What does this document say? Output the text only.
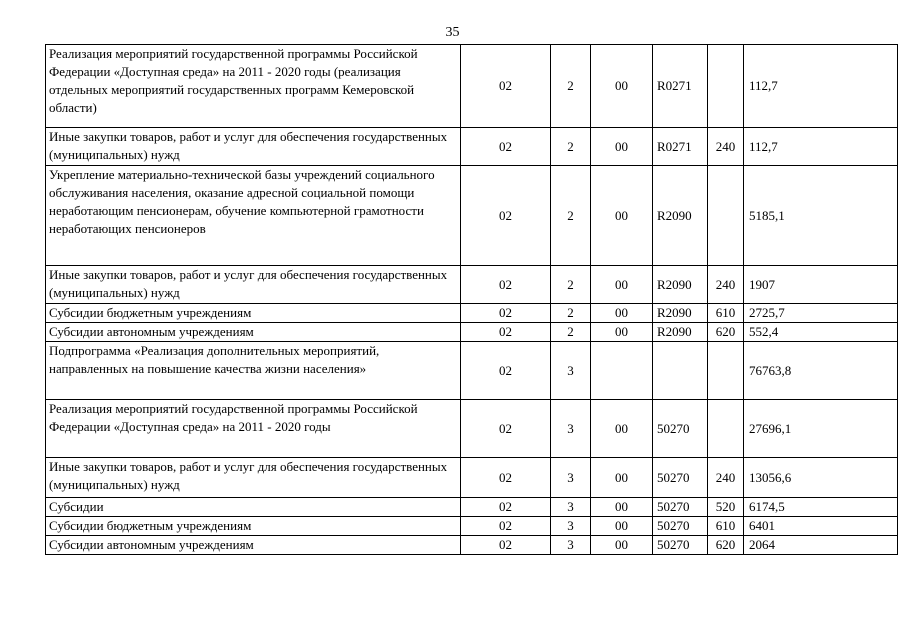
35
Реализация мероприятий государственной программы Российской Федерации «Доступная среда» на 2011 - 2020 годы (реализация отдельных мероприятий государственных программ Кемеровской области)	02	2	00	R0271		112,7
Иные закупки товаров, работ и услуг для обеспечения государственных (муниципальных) нужд	02	2	00	R0271	240	112,7
Укрепление материально-технической базы учреждений социального обслуживания населения, оказание адресной социальной помощи неработающим пенсионерам, обучение компьютерной грамотности неработающих пенсионеров	02	2	00	R2090		5185,1
Иные закупки товаров, работ и услуг для обеспечения государственных (муниципальных) нужд	02	2	00	R2090	240	1907
Субсидии бюджетным учреждениям	02	2	00	R2090	610	2725,7
Субсидии автономным учреждениям	02	2	00	R2090	620	552,4
Подпрограмма «Реализация дополнительных мероприятий, направленных на повышение качества жизни населения»	02	3				76763,8
Реализация мероприятий государственной программы Российской Федерации «Доступная среда» на 2011 - 2020 годы	02	3	00	50270		27696,1
Иные закупки товаров, работ и услуг для обеспечения государственных (муниципальных) нужд	02	3	00	50270	240	13056,6
Субсидии	02	3	00	50270	520	6174,5
Субсидии бюджетным учреждениям	02	3	00	50270	610	6401
Субсидии автономным учреждениям	02	3	00	50270	620	2064
